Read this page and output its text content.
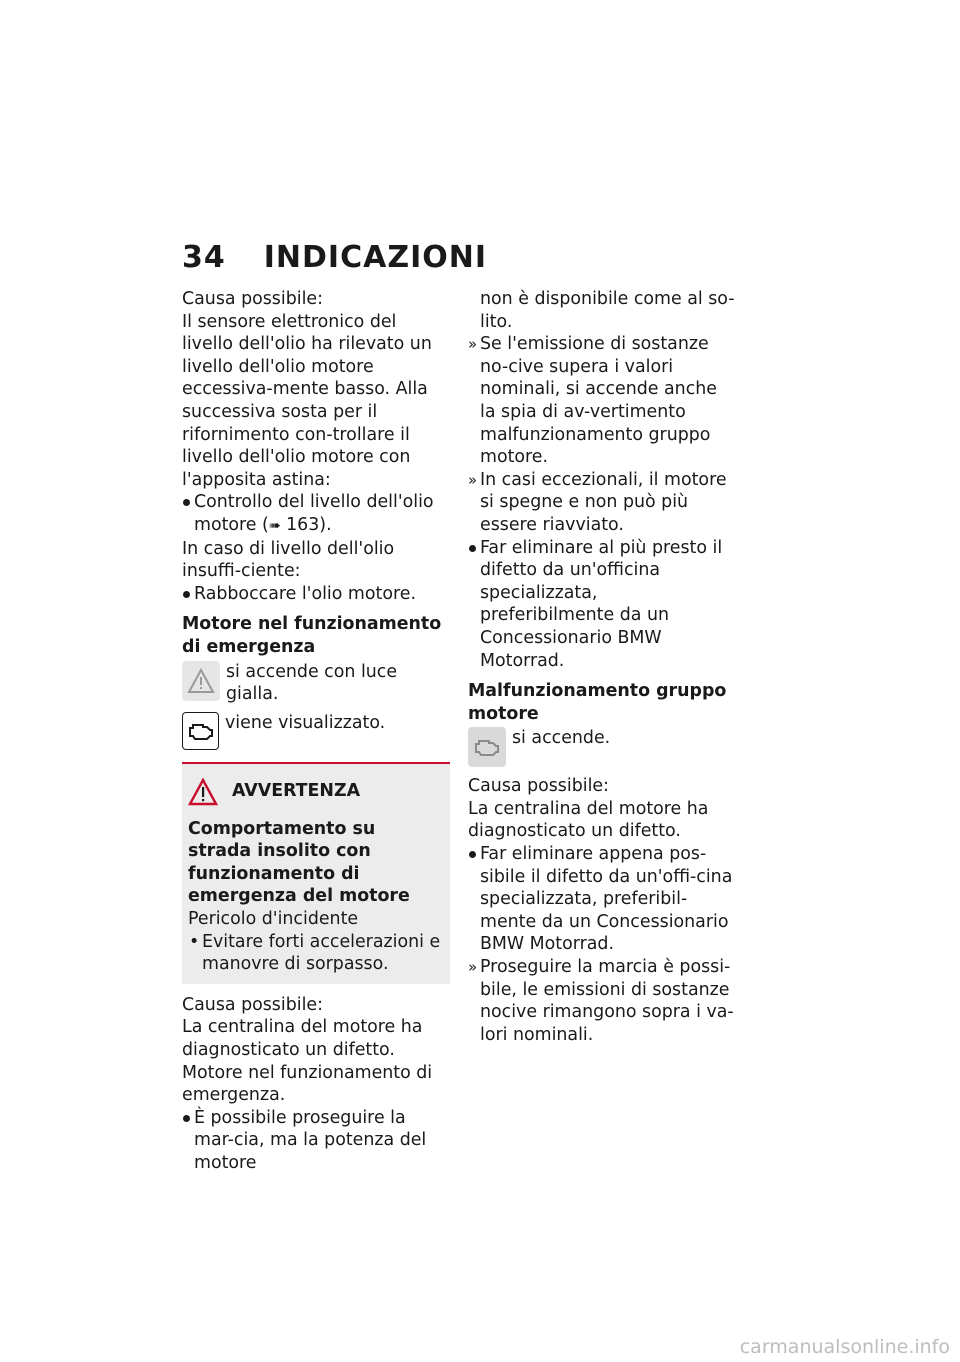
34 INDICAZIONI

Causa possibile:

Il sensore elettronico del livello dell'olio ha rilevato un livello dell'olio motore eccessiva-mente basso. Alla successiva sosta per il rifornimento con-trollare il livello dell'olio motore con l'apposita astina:

Controllo del livello dell'olio motore (➠ 163).

In caso di livello dell'olio insuffi-ciente:

Rabboccare l'olio motore.

Motore nel funzionamento di emergenza

si accende con luce gialla.
viene visualizzato.
AVVERTENZA

Comportamento su strada insolito con funzionamento di emergenza del motore

Pericolo d'incidente

• Evitare forti accelerazioni e manovre di sorpasso.

Causa possibile:

La centralina del motore ha diagnosticato un difetto.

Motore nel funzionamento di emergenza.

È possibile proseguire la mar-cia, ma la potenza del motore

non è disponibile come al so-lito.

» Se l'emissione di sostanze no-cive supera i valori nominali, si accende anche la spia di av-vertimento malfunzionamento gruppo motore.

» In casi eccezionali, il motore si spegne e non può più essere riavviato.

Far eliminare al più presto il difetto da un'officina specializzata, preferibilmente da un Concessionario BMW Motorrad.

Malfunzionamento gruppo motore

si accende.

Causa possibile:

La centralina del motore ha diagnosticato un difetto.

Far eliminare appena pos-sibile il difetto da un'offi-cina specializzata, preferibil-mente da un Concessionario BMW Motorrad.

» Proseguire la marcia è possi-bile, le emissioni di sostanze nocive rimangono sopra i va-lori nominali.

carmanualsonline.info
